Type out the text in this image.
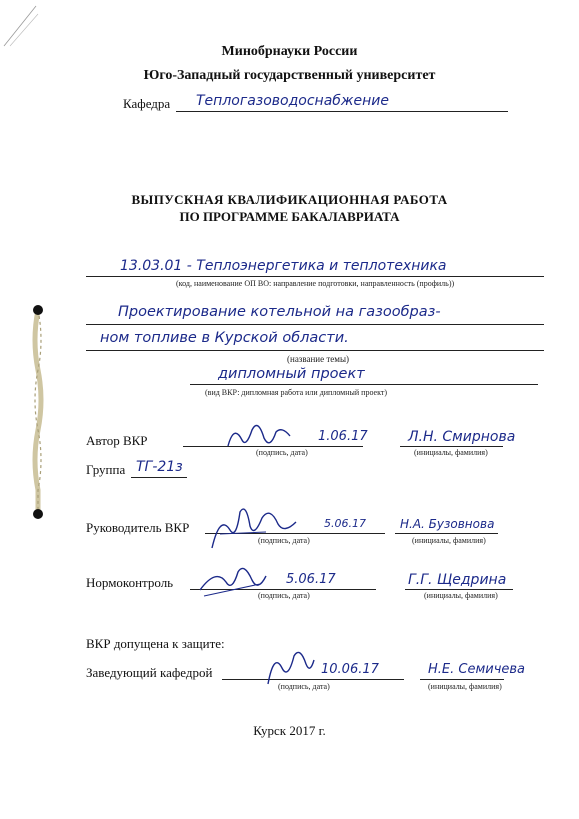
Минобрнауки России
Юго-Западный государственный университет
Кафедра Теплогазоводоснабжение
ВЫПУСКНАЯ КВАЛИФИКАЦИОННАЯ РАБОТА
ПО ПРОГРАММЕ БАКАЛАВРИАТА
13.03.01 - Теплоэнергетика и теплотехника
(код, наименование ОП ВО: направление подготовки, направленность (профиль))
Проектирование котельной на газообраз-
ном топливе в Курской области.
(название темы)
дипломный проект
(вид ВКР: дипломная работа или дипломный проект)
Автор ВКР	1.06.17	Л.Н. Смирнова
(подпись, дата)	(инициалы, фамилия)
Группа ТГ-21з
Руководитель ВКР	5.06.17	Н.А. Бузовнова
(подпись, дата)	(инициалы, фамилия)
Нормоконтроль	5.06.17	Г.Г. Щедрина
(подпись, дата)	(инициалы, фамилия)
ВКР допущена к защите:
Заведующий кафедрой	10.06.17	Н.Е. Семичева
(подпись, дата)	(инициалы, фамилия)
Курск 2017 г.
